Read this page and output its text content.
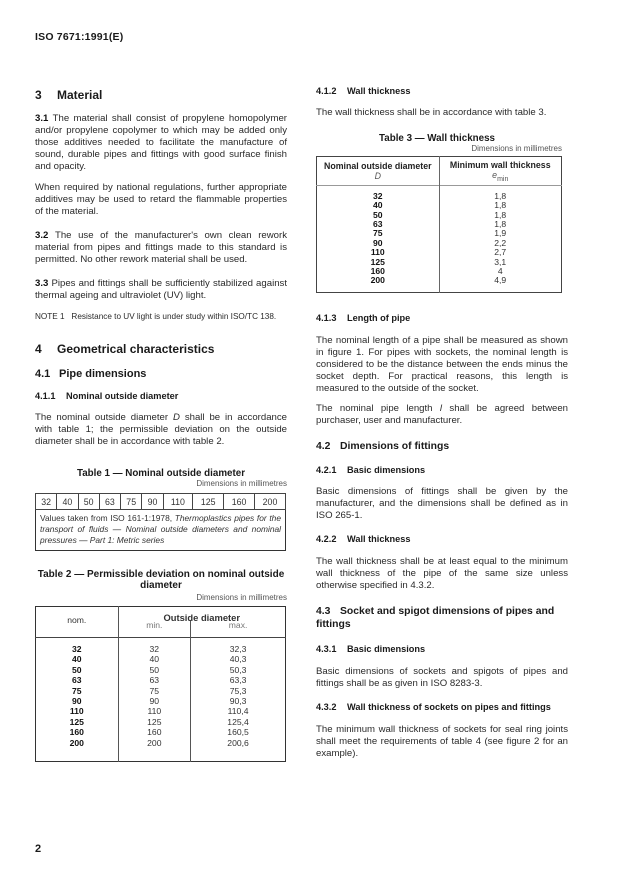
ISO 7671:1991(E)
3 Material

3.1 The material shall consist of propylene homopolymer and/or propylene copolymer to which may be added only those additives needed to facilitate the manufacture of sound, durable pipes and fittings with good surface finish and opacity.

When required by national regulations, further appropriate additives may be used to retard the flammable properties of the material.

3.2 The use of the manufacturer's own clean rework material from pipes and fittings made to this standard is permitted. No other rework material shall be used.

3.3 Pipes and fittings shall be sufficiently stabilized against thermal ageing and ultraviolet (UV) light.

NOTE 1 Resistance to UV light is under study within ISO/TC 138.

4 Geometrical characteristics
4.1 Pipe dimensions
4.1.1 Nominal outside diameter

The nominal outside diameter D shall be in accordance with table 1; the permissible deviation on the outside diameter shall be in accordance with table 2.

Table 1 — Nominal outside diameter

Dimensions in millimetres

32	40	50	63	75	90	110	125	160	200
Values taken from ISO 161-1:1978, Thermoplastics pipes for the transport of fluids — Nominal outside diameters and nominal pressures — Part 1: Metric series

Table 2 — Permissible deviation on nominal outside diameter

Dimensions in millimetres

	Outside diameter	
nom.	min.	max.
32	32	32,3
40	40	40,3
50	50	50,3
63	63	63,3
75	75	75,3
90	90	90,3
110	110	110,4
125	125	125,4
160	160	160,5
200	200	200,6
4.1.2 Wall thickness

The wall thickness shall be in accordance with table 3.

Table 3 — Wall thickness

Dimensions in millimetres

Nominal outside diameter
D	Minimum wall thickness
$e_{min}$
32	1,8
40	1,8
50	1,8
63	1,8
75	1,9
90	2,2
110	2,7
125	3,1
160	4
200	4,9
4.1.3 Length of pipe

The nominal length of a pipe shall be measured as shown in figure 1. For pipes with sockets, the nominal length is considered to be the distance between the ends minus the socket depth. For practical reasons, this length is measured to the outside of the socket.

The nominal pipe length l shall be agreed between purchaser, user and manufacturer.

4.2 Dimensions of fittings
4.2.1 Basic dimensions

Basic dimensions of fittings shall be given by the manufacturer, and the dimensions shall be defined as in ISO 265-1.

4.2.2 Wall thickness

The wall thickness shall be at least equal to the minimum wall thickness of the pipe of the same size unless otherwise specified in 4.3.2.

4.3 Socket and spigot dimensions of pipes and fittings
4.3.1 Basic dimensions

Basic dimensions of sockets and spigots of pipes and fittings shall be as given in ISO 8283-3.

4.3.2 Wall thickness of sockets on pipes and fittings

The minimum wall thickness of sockets for seal ring joints shall meet the requirements of table 4 (see figure 2 for an example).

2
